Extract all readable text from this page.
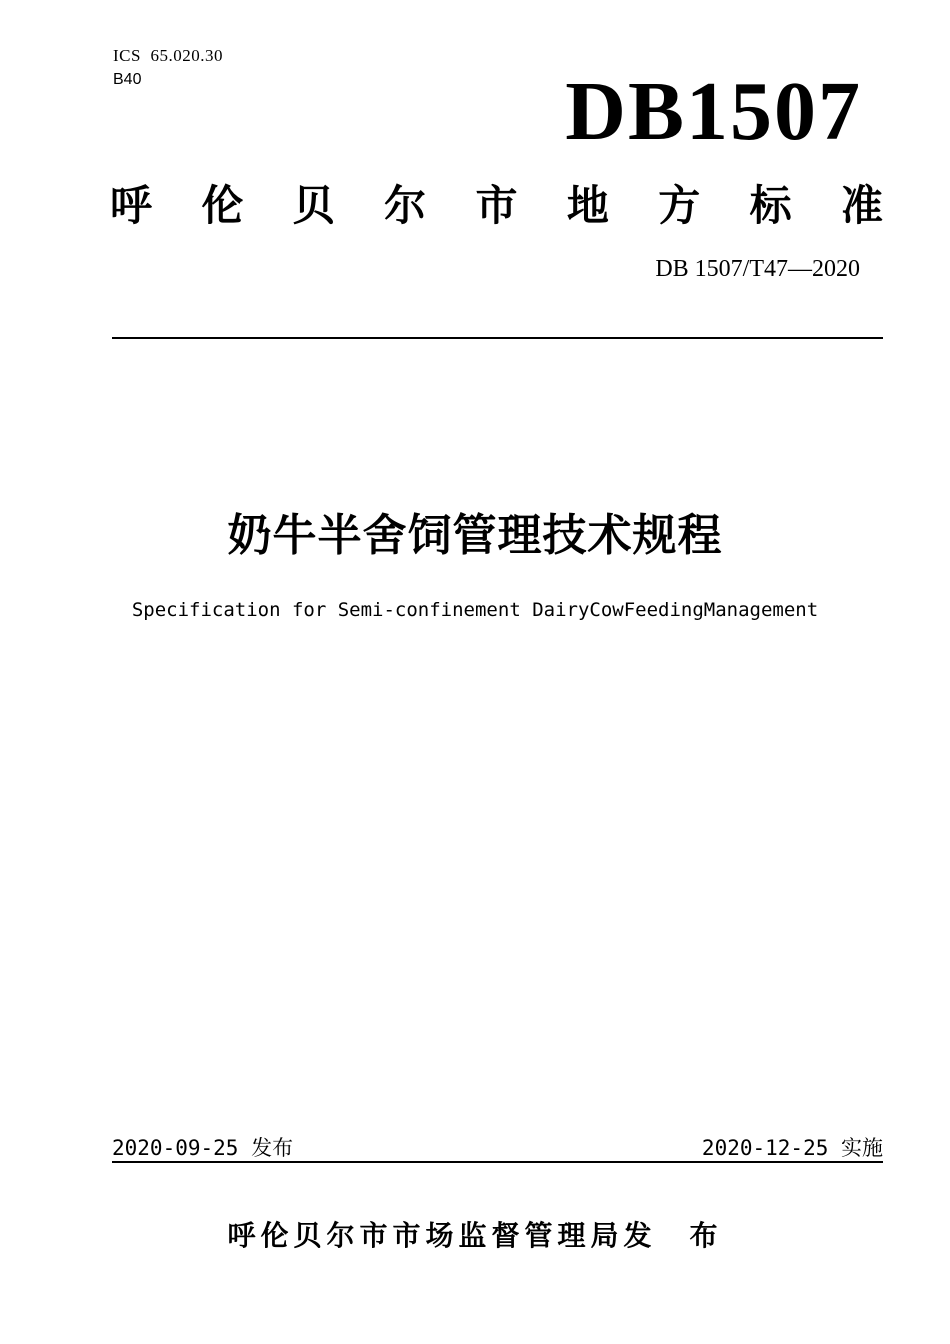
ICS  65.020.30
B40	DB1507
呼伦贝尔市地方标准
DB 1507/T47—2020
奶牛半舍饲管理技术规程
Specification for Semi-confinement DairyCowFeedingManagement
2020-09-25 发布	2020-12-25 实施
呼伦贝尔市市场监督管理局发　布
